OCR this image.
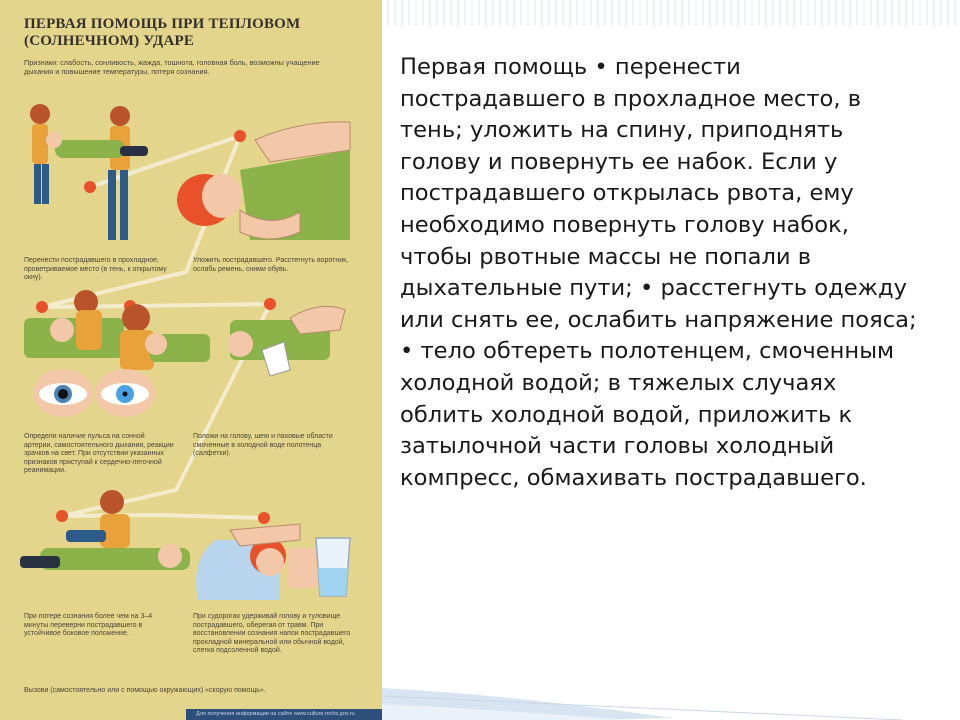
ПЕРВАЯ ПОМОЩЬ ПРИ ТЕПЛОВОМ (СОЛНЕЧНОМ) УДАРЕ
Признаки: слабость, сонливость, жажда, тошнота, головная боль, возможны учащение дыхания и повышение температуры, потеря сознания.
Перенести пострадавшего в прохладное, проветриваемое место (в тень, к открытому окну).
Уложить пострадавшего. Расстегнуть воротник, ослабь ремень, сними обувь.
Определи наличие пульса на сонной артерии, самостоятельного дыхания, реакции зрачков на свет. При отсутствии указанных признаков приступай к сердечно-легочной реанимации.
Положи на голову, шею и паховые области смоченные в холодной воде полотенца (салфетки).
При потере сознания более чем на 3–4 минуты переверни пострадавшего в устойчивое боковое положение.
При судорогах удерживай голову и туловище пострадавшего, оберегая от травм. При восстановлении сознания напои пострадавшего прохладной минеральной или обычной водой, слегка подсоленной водой.
Вызови (самостоятельно или с помощью окружающих) «скорую помощь».
Для получения информации на сайте www.culture.mchs.gov.ru

Первая помощь • перенести пострадавшего в прохладное место, в тень; уложить на спину, приподнять голову и повернуть ее набок. Если у пострадавшего открылась рвота, ему необходимо повернуть голову набок, чтобы рвотные массы не попали в дыхательные пути; • расстегнуть одежду или снять ее, ослабить напряжение пояса; • тело обтереть полотенцем, смоченным холодной водой; в тяжелых случаях облить холодной водой, приложить к затылочной части головы холодный компресс, обмахивать пострадавшего.
